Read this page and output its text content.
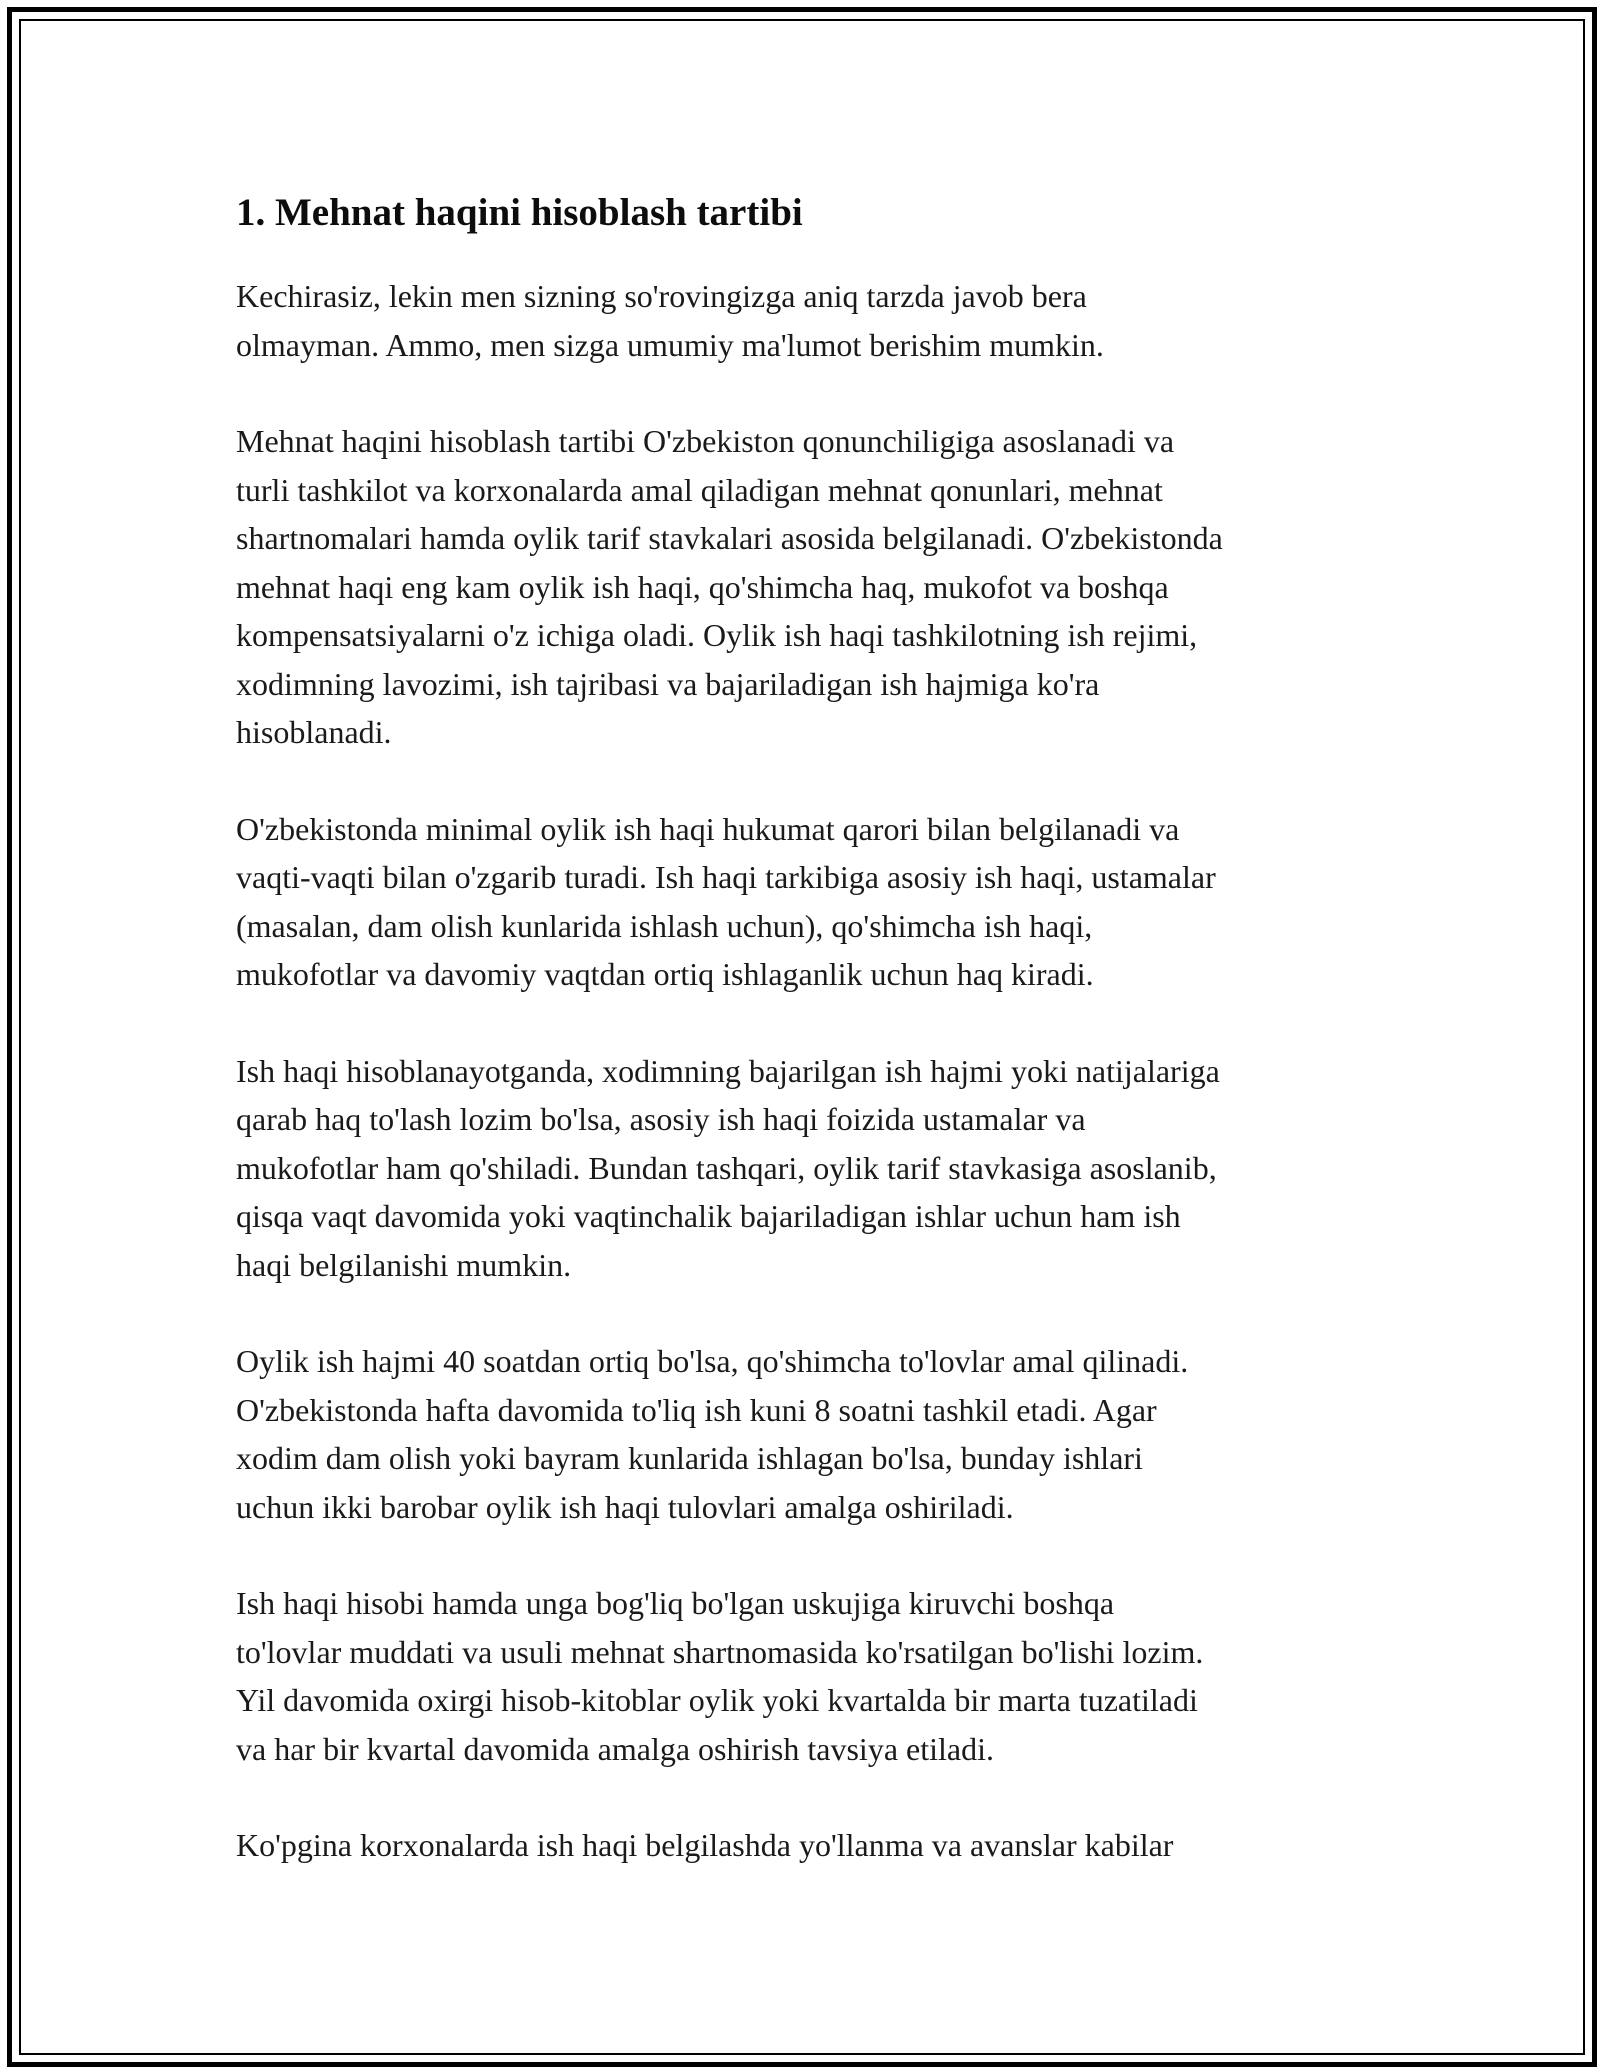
1. Mehnat haqini hisoblash tartibi

Kechirasiz, lekin men sizning so'rovingizga aniq tarzda javob bera
olmayman. Ammo, men sizga umumiy ma'lumot berishim mumkin.

Mehnat haqini hisoblash tartibi O'zbekiston qonunchiligiga asoslanadi va
turli tashkilot va korxonalarda amal qiladigan mehnat qonunlari, mehnat
shartnomalari hamda oylik tarif stavkalari asosida belgilanadi. O'zbekistonda
mehnat haqi eng kam oylik ish haqi, qo'shimcha haq, mukofot va boshqa
kompensatsiyalarni o'z ichiga oladi. Oylik ish haqi tashkilotning ish rejimi,
xodimning lavozimi, ish tajribasi va bajariladigan ish hajmiga ko'ra
hisoblanadi.

O'zbekistonda minimal oylik ish haqi hukumat qarori bilan belgilanadi va
vaqti-vaqti bilan o'zgarib turadi. Ish haqi tarkibiga asosiy ish haqi, ustamalar
(masalan, dam olish kunlarida ishlash uchun), qo'shimcha ish haqi,
mukofotlar va davomiy vaqtdan ortiq ishlaganlik uchun haq kiradi.

Ish haqi hisoblanayotganda, xodimning bajarilgan ish hajmi yoki natijalariga
qarab haq to'lash lozim bo'lsa, asosiy ish haqi foizida ustamalar va
mukofotlar ham qo'shiladi. Bundan tashqari, oylik tarif stavkasiga asoslanib,
qisqa vaqt davomida yoki vaqtinchalik bajariladigan ishlar uchun ham ish
haqi belgilanishi mumkin.

Oylik ish hajmi 40 soatdan ortiq bo'lsa, qo'shimcha to'lovlar amal qilinadi.
O'zbekistonda hafta davomida to'liq ish kuni 8 soatni tashkil etadi. Agar
xodim dam olish yoki bayram kunlarida ishlagan bo'lsa, bunday ishlari
uchun ikki barobar oylik ish haqi tulovlari amalga oshiriladi.

Ish haqi hisobi hamda unga bog'liq bo'lgan uskujiga kiruvchi boshqa
to'lovlar muddati va usuli mehnat shartnomasida ko'rsatilgan bo'lishi lozim.
Yil davomida oxirgi hisob-kitoblar oylik yoki kvartalda bir marta tuzatiladi
va har bir kvartal davomida amalga oshirish tavsiya etiladi.

Ko'pgina korxonalarda ish haqi belgilashda yo'llanma va avanslar kabilar
